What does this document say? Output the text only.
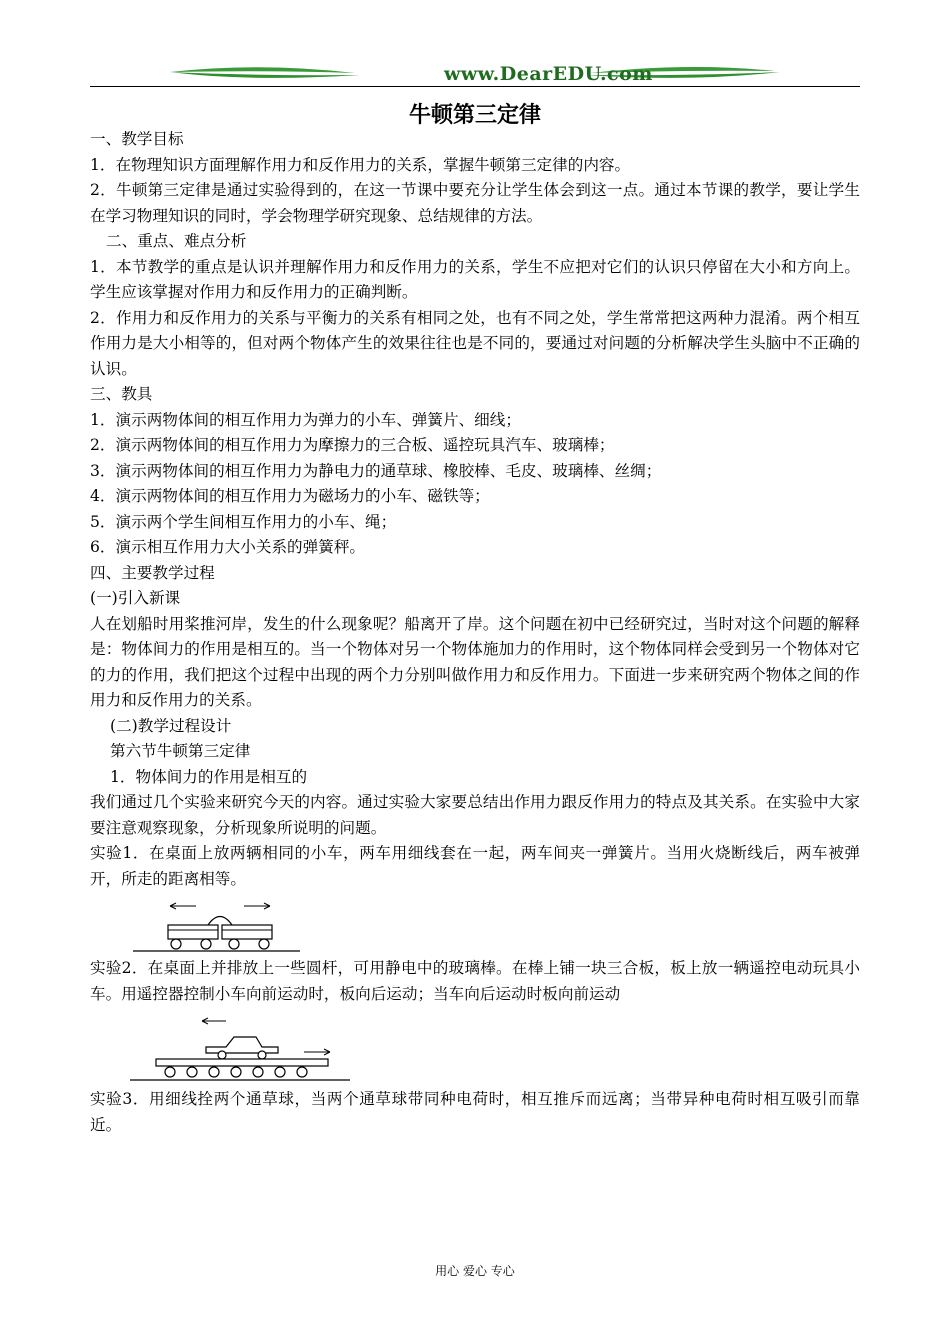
www.DearEDU.com
牛顿第三定律

一、教学目标

1．在物理知识方面理解作用力和反作用力的关系，掌握牛顿第三定律的内容。

2．牛顿第三定律是通过实验得到的，在这一节课中要充分让学生体会到这一点。通过本节课的教学，要让学生在学习物理知识的同时，学会物理学研究现象、总结规律的方法。

二、重点、难点分析

1．本节教学的重点是认识并理解作用力和反作用力的关系，学生不应把对它们的认识只停留在大小和方向上。学生应该掌握对作用力和反作用力的正确判断。

2．作用力和反作用力的关系与平衡力的关系有相同之处，也有不同之处，学生常常把这两种力混淆。两个相互作用力是大小相等的，但对两个物体产生的效果往往也是不同的，要通过对问题的分析解决学生头脑中不正确的认识。

三、教具

1．演示两物体间的相互作用力为弹力的小车、弹簧片、细线；

2．演示两物体间的相互作用力为摩擦力的三合板、遥控玩具汽车、玻璃棒；

3．演示两物体间的相互作用力为静电力的通草球、橡胶棒、毛皮、玻璃棒、丝绸；

4．演示两物体间的相互作用力为磁场力的小车、磁铁等；

5．演示两个学生间相互作用力的小车、绳；

6．演示相互作用力大小关系的弹簧秤。

四、主要教学过程

(一)引入新课

人在划船时用桨推河岸，发生的什么现象呢？船离开了岸。这个问题在初中已经研究过，当时对这个问题的解释是：物体间力的作用是相互的。当一个物体对另一个物体施加力的作用时，这个物体同样会受到另一个物体对它的力的作用，我们把这个过程中出现的两个力分别叫做作用力和反作用力。下面进一步来研究两个物体之间的作用力和反作用力的关系。

(二)教学过程设计

第六节牛顿第三定律

1．物体间力的作用是相互的

我们通过几个实验来研究今天的内容。通过实验大家要总结出作用力跟反作用力的特点及其关系。在实验中大家要注意观察现象，分析现象所说明的问题。

实验1．在桌面上放两辆相同的小车，两车用细线套在一起，两车间夹一弹簧片。当用火烧断线后，两车被弹开，所走的距离相等。

实验2．在桌面上并排放上一些圆杆，可用静电中的玻璃棒。在棒上铺一块三合板，板上放一辆遥控电动玩具小车。用遥控器控制小车向前运动时，板向后运动；当车向后运动时板向前运动

实验3．用细线拴两个通草球，当两个通草球带同种电荷时，相互推斥而远离；当带异种电荷时相互吸引而靠近。

用心 爱心 专心
